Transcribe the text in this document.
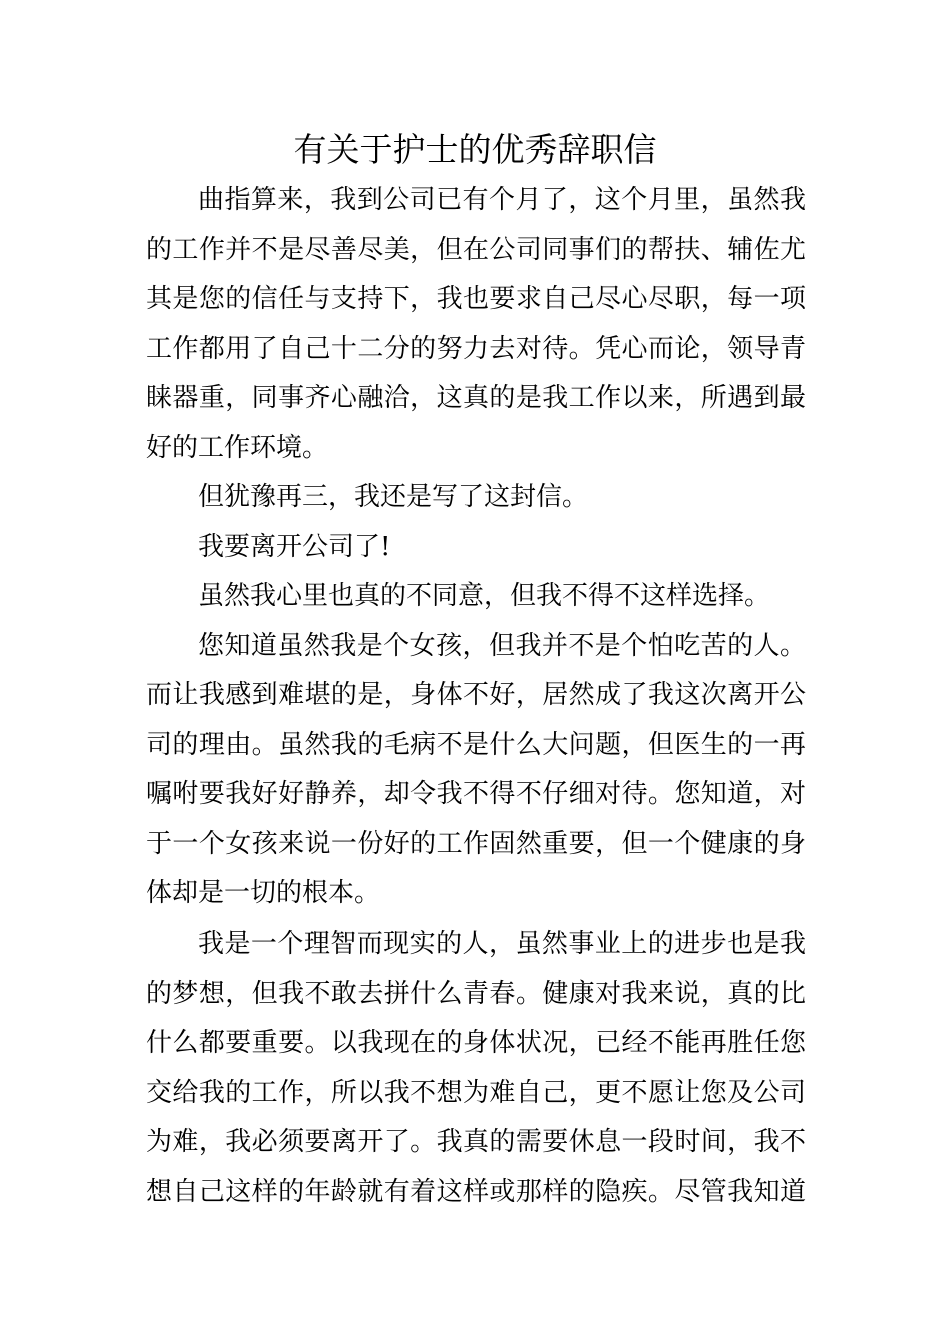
有关于护士的优秀辞职信
曲指算来，我到公司已有个月了，这个月里，虽然我
的工作并不是尽善尽美，但在公司同事们的帮扶、辅佐尤
其是您的信任与支持下，我也要求自己尽心尽职，每一项
工作都用了自己十二分的努力去对待。凭心而论，领导青
睐器重，同事齐心融洽，这真的是我工作以来，所遇到最
好的工作环境。
但犹豫再三，我还是写了这封信。
我要离开公司了!
虽然我心里也真的不同意，但我不得不这样选择。
您知道虽然我是个女孩，但我并不是个怕吃苦的人。
而让我感到难堪的是，身体不好，居然成了我这次离开公
司的理由。虽然我的毛病不是什么大问题，但医生的一再
嘱咐要我好好静养，却令我不得不仔细对待。您知道，对
于一个女孩来说一份好的工作固然重要，但一个健康的身
体却是一切的根本。
我是一个理智而现实的人，虽然事业上的进步也是我
的梦想，但我不敢去拼什么青春。健康对我来说，真的比
什么都要重要。以我现在的身体状况，已经不能再胜任您
交给我的工作，所以我不想为难自己，更不愿让您及公司
为难，我必须要离开了。我真的需要休息一段时间，我不
想自己这样的年龄就有着这样或那样的隐疾。尽管我知道
